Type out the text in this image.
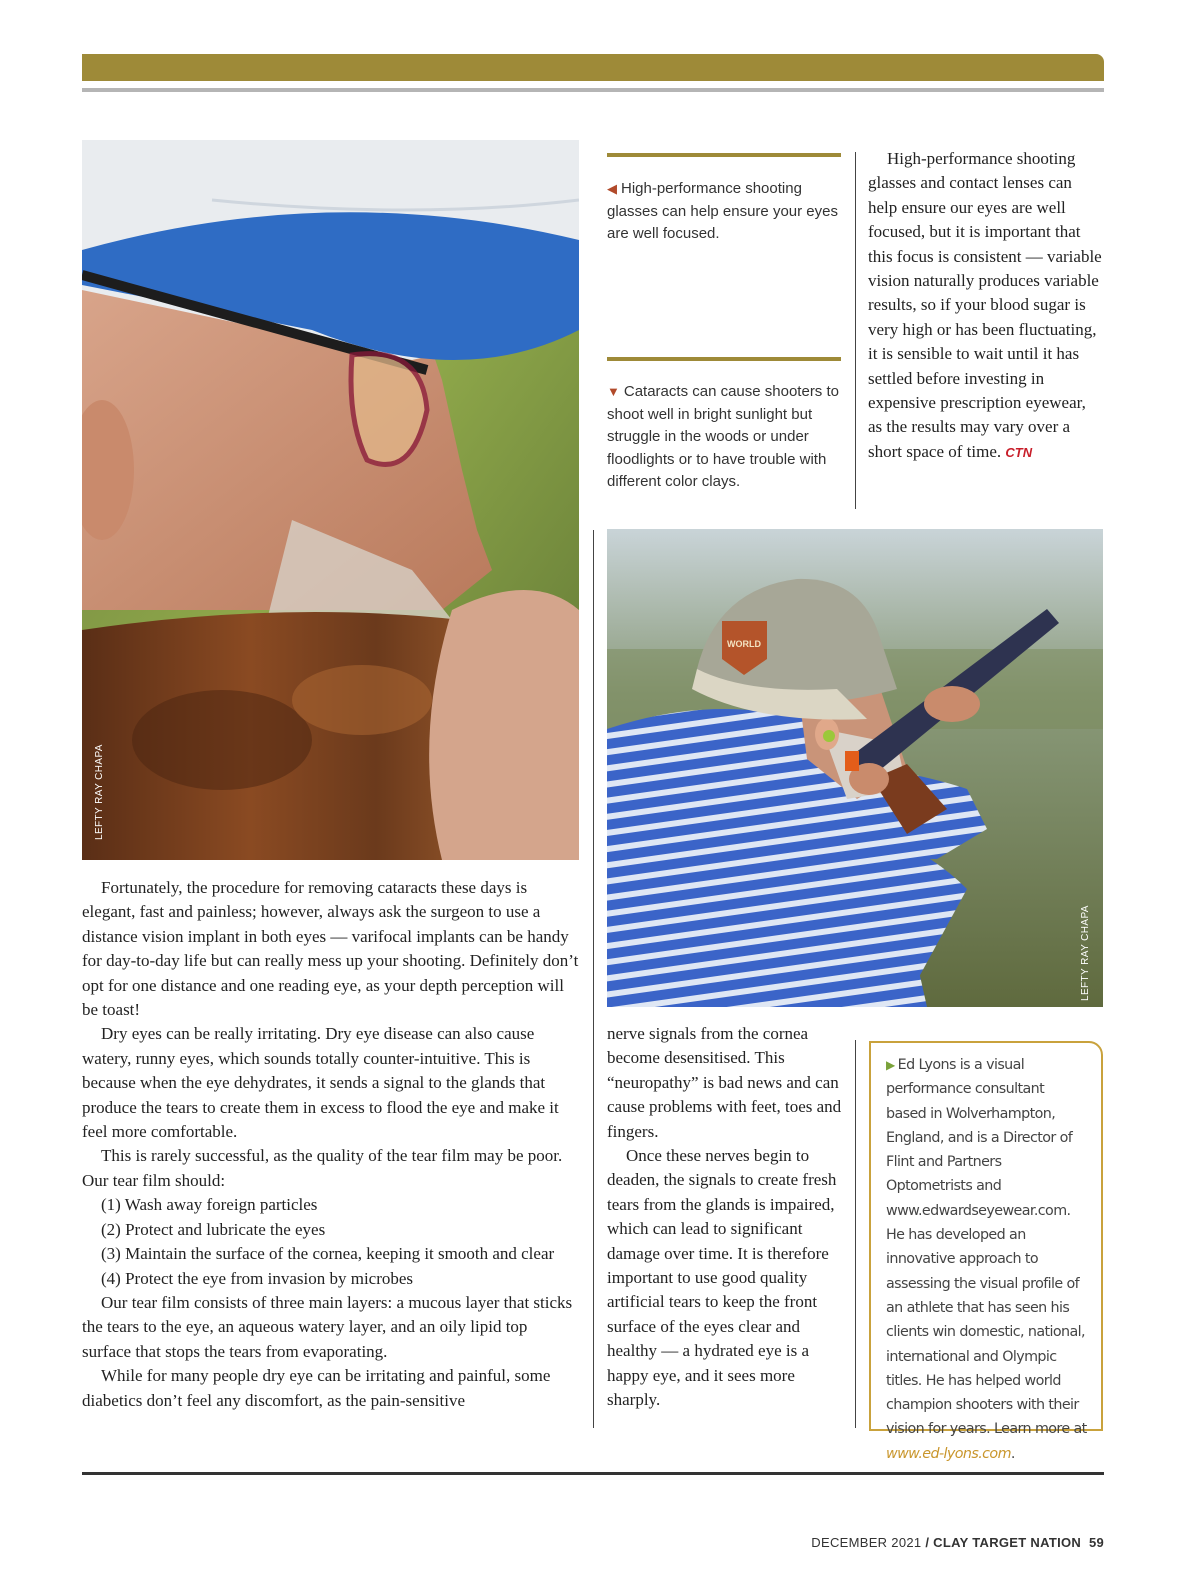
LEFTY RAY CHAPA

◀ High-performance shooting glasses can help ensure your eyes are well focused.

▼ Cataracts can cause shooters to shoot well in bright sunlight but struggle in the woods or under floodlights or to have trouble with different color clays.

High-performance shooting glasses and contact lenses can help ensure our eyes are well focused, but it is important that this focus is consistent — variable vision naturally produces variable results, so if your blood sugar is very high or has been fluctuating, it is sensible to wait until it has settled before investing in expensive prescription eyewear, as the results may vary over a short space of time. CTN

WORLD
LEFTY RAY CHAPA

Fortunately, the procedure for removing cataracts these days is elegant, fast and painless; however, always ask the surgeon to use a distance vision implant in both eyes — varifocal implants can be handy for day-to-day life but can really mess up your shooting. Definitely don’t opt for one distance and one reading eye, as your depth perception will be toast!

Dry eyes can be really irritating. Dry eye disease can also cause watery, runny eyes, which sounds totally counter-intuitive. This is because when the eye dehydrates, it sends a signal to the glands that produce the tears to create them in excess to flood the eye and make it feel more comfortable.

This is rarely successful, as the quality of the tear film may be poor. Our tear film should:

(1) Wash away foreign particles

(2) Protect and lubricate the eyes

(3) Maintain the surface of the cornea, keeping it smooth and clear

(4) Protect the eye from invasion by microbes

Our tear film consists of three main layers: a mucous layer that sticks the tears to the eye, an aqueous watery layer, and an oily lipid top surface that stops the tears from evaporating.

While for many people dry eye can be irritating and painful, some diabetics don’t feel any discomfort, as the pain-sensitive

nerve signals from the cornea become desensitised. This “neuropathy” is bad news and can cause problems with feet, toes and fingers.

Once these nerves begin to deaden, the signals to create fresh tears from the glands is impaired, which can lead to significant damage over time. It is therefore important to use good quality artificial tears to keep the front surface of the eyes clear and healthy — a hydrated eye is a happy eye, and it sees more sharply.

▶ Ed Lyons is a visual performance consultant based in Wolverhampton, England, and is a Director of Flint and Partners Optometrists and www.edwardseyewear.com. He has developed an innovative approach to assessing the visual profile of an athlete that has seen his clients win domestic, national, international and Olympic titles. He has helped world champion shooters with their vision for years. Learn more at www.ed-lyons.com.
DECEMBER 2021 / CLAY TARGET NATION 59
